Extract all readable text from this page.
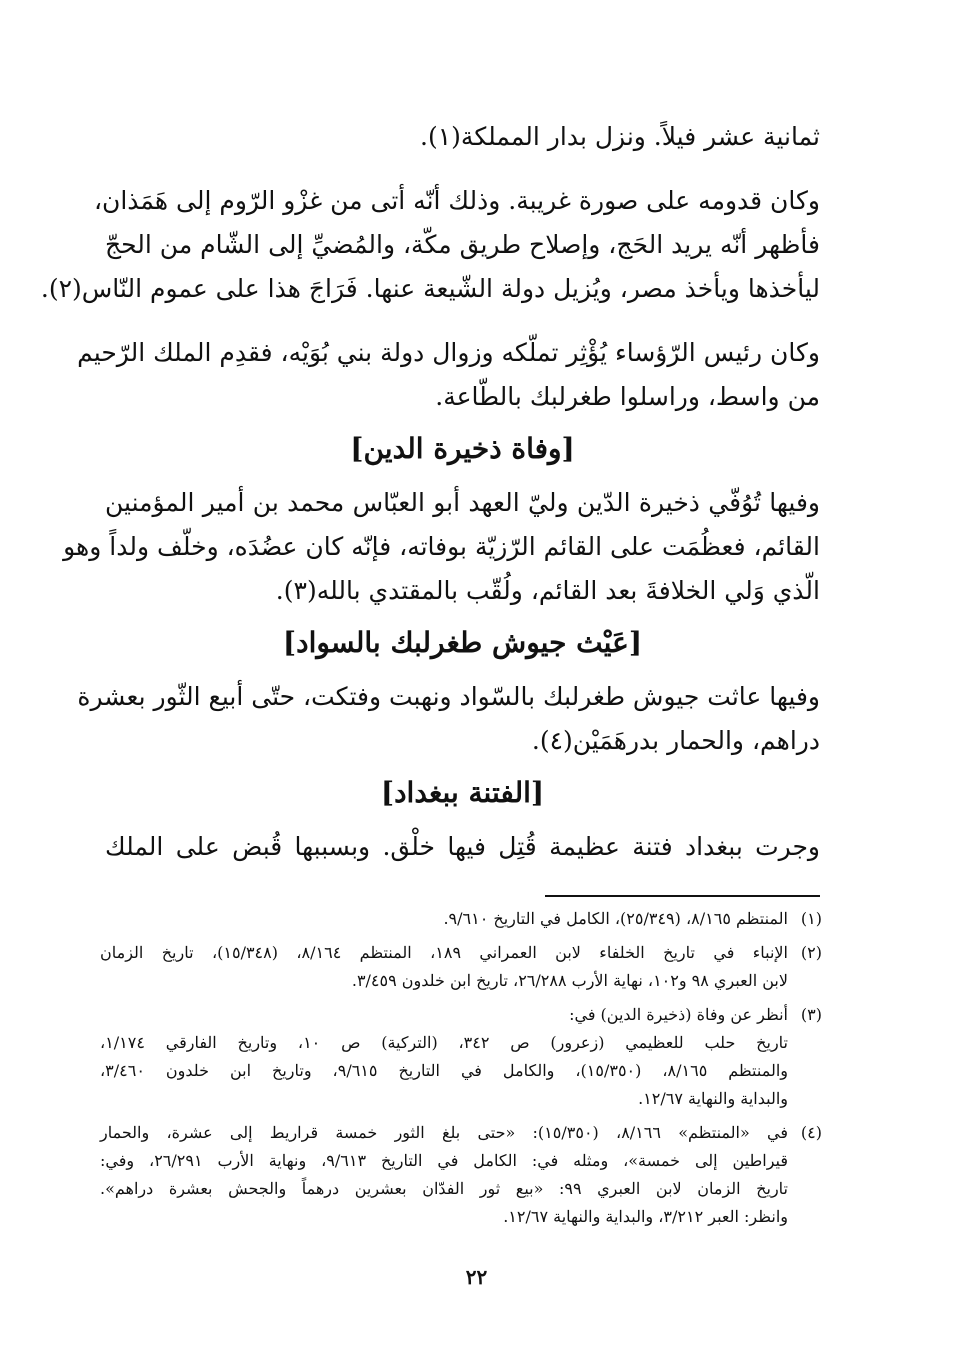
ثمانية عشر فيلاً. ونزل بدار المملكة(١).
وكان قدومه على صورة غريبة. وذلك أنّه أتى من غزْو الرّوم إلى هَمَذان،
فأظهر أنّه يريد الحَج، وإصلاح طريق مكّة، والمُضيِّ إلى الشّام من الحجّ
ليأخذها ويأخذ مصر، ويُزيل دولة الشّيعة عنها. فَرَاجَ هذا على عموم النّاس(٢).
وكان رئيس الرّؤساء يُؤْثِر تملّكه وزوال دولة بني بُوَيْه، فقدِم الملك الرّحيم
من واسط، وراسلوا طغرلبك بالطّاعة.
[وفاة ذخيرة الدين]
وفيها تُوُفّي ذخيرة الدّين وليّ العهد أبو العبّاس محمد بن أمير المؤمنين
القائم، فعظُمَت على القائم الرّزيّة بوفاته، فإنّه كان عضُدَه، وخلّف ولداً وهو
الّذي وَلي الخلافةَ بعد القائم، ولُقّب بالمقتدي بالله(٣).
[عَيْث جيوش طغرلبك بالسواد]
وفيها عاثت جيوش طغرلبك بالسّواد ونهبت وفتكت، حتّى أبيع الثّور بعشرة
دراهم، والحمار بدرهَمَيْن(٤).
[الفتنة ببغداد]
وجرت ببغداد فتنة عظيمة قُتِل فيها خلْق. وبسببها قُبض على الملك
(١)
المنتظم ٨/١٦٥، (٢٥/٣٤٩)، الكامل في التاريخ ٩/٦١٠.
(٢)
الإنباء في تاريخ الخلفاء لابن العمراني ١٨٩، المنتظم ٨/١٦٤، (١٥/٣٤٨)، تاريخ الزمان
لابن العبري ٩٨ و١٠٢، نهاية الأرب ٢٦/٢٨٨، تاريخ ابن خلدون ٣/٤٥٩.
(٣)
أنظر عن وفاة (ذخيرة الدين) في:
تاريخ حلب للعظيمي (زعرور) ص ٣٤٢، (التركية) ص ١٠، وتاريخ الفارقي ١/١٧٤،
والمنتظم ٨/١٦٥، (١٥/٣٥٠)، والكامل في التاريخ ٩/٦١٥، وتاريخ ابن خلدون ٣/٤٦٠،
والبداية والنهاية ١٢/٦٧.
(٤)
في «المنتظم» ٨/١٦٦، (١٥/٣٥٠): «حتى بلغ الثور خمسة قراريط إلى عشرة، والحمار
قيراطين إلى خمسة»، ومثله في: الكامل في التاريخ ٩/٦١٣، ونهاية الأرب ٢٦/٢٩١، وفي:
تاريخ الزمان لابن العبري ٩٩: «بيع ثور الفدّان بعشرين درهماً والجحش بعشرة دراهم».
وانظر: العبر ٣/٢١٢، والبداية والنهاية ١٢/٦٧.
٢٢
